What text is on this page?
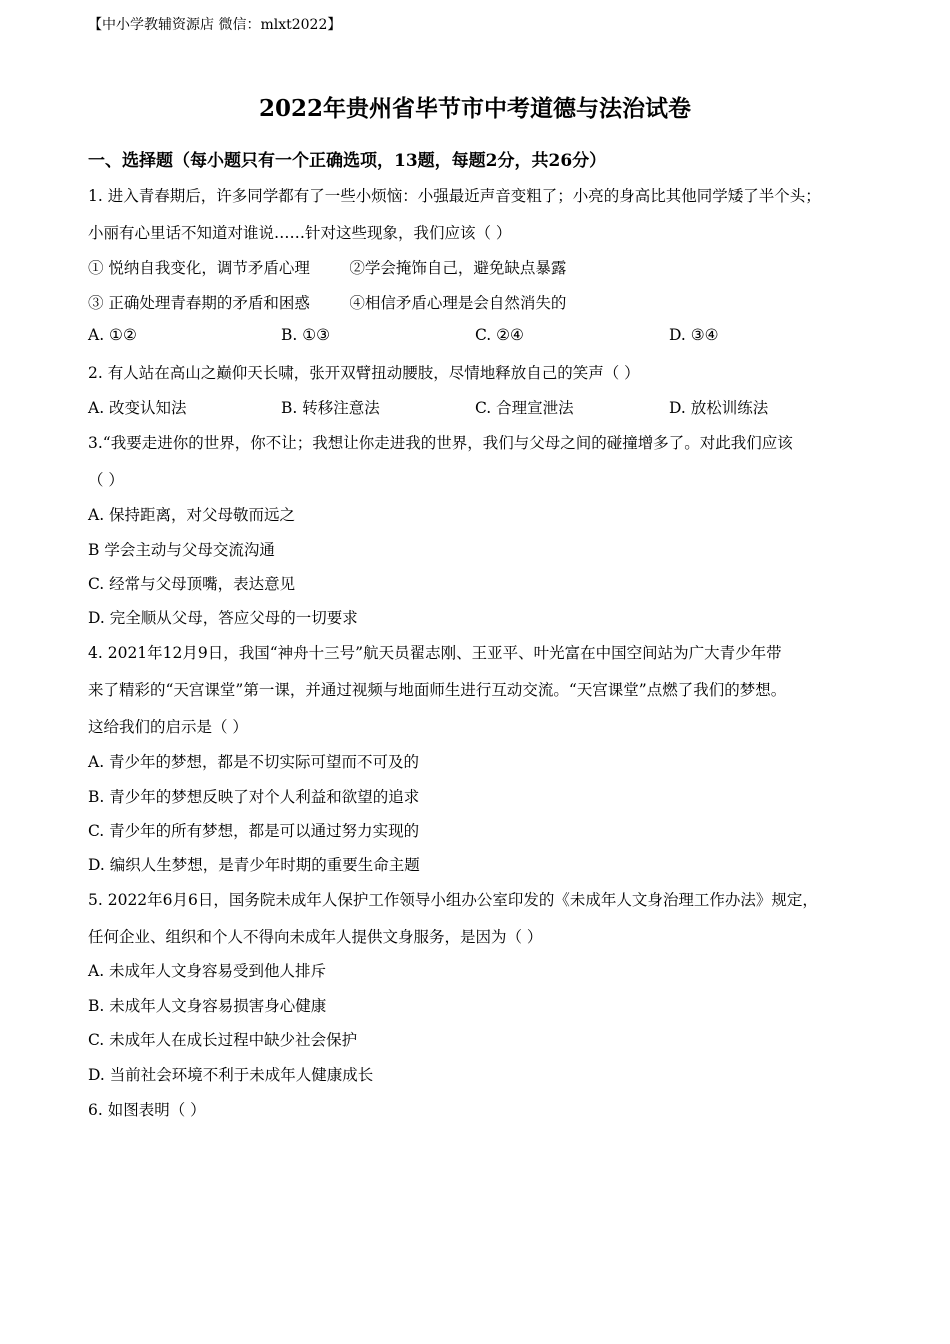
【中小学教辅资源店 微信：mlxt2022】
2022年贵州省毕节市中考道德与法治试卷
一、选择题（每小题只有一个正确选项，13题，每题2分，共26分）
1. 进入青春期后，许多同学都有了一些小烦恼：小强最近声音变粗了；小亮的身高比其他同学矮了半个头；
小丽有心里话不知道对谁说……针对这些现象，我们应该（ ）
① 悦纳自我变化，调节矛盾心理        ②学会掩饰自己，避免缺点暴露
③ 正确处理青春期的矛盾和困惑        ④相信矛盾心理是会自然消失的
A. ①②	B. ①③	C. ②④	D. ③④
2. 有人站在高山之巅仰天长啸，张开双臂扭动腰肢，尽情地释放自己的笑声（ ）
A. 改变认知法	B. 转移注意法	C. 合理宣泄法	D. 放松训练法
3.“我要走进你的世界，你不让；我想让你走进我的世界，我们与父母之间的碰撞增多了。对此我们应该
（ ）
A. 保持距离，对父母敬而远之
B 学会主动与父母交流沟通
C. 经常与父母顶嘴，表达意见
D. 完全顺从父母，答应父母的一切要求
4. 2021年12月9日，我国“神舟十三号”航天员翟志刚、王亚平、叶光富在中国空间站为广大青少年带
来了精彩的“天宫课堂”第一课，并通过视频与地面师生进行互动交流。“天宫课堂”点燃了我们的梦想。
这给我们的启示是（ ）
A. 青少年的梦想，都是不切实际可望而不可及的
B. 青少年的梦想反映了对个人利益和欲望的追求
C. 青少年的所有梦想，都是可以通过努力实现的
D. 编织人生梦想，是青少年时期的重要生命主题
5. 2022年6月6日，国务院未成年人保护工作领导小组办公室印发的《未成年人文身治理工作办法》规定，
任何企业、组织和个人不得向未成年人提供文身服务，是因为（ ）
A. 未成年人文身容易受到他人排斥
B. 未成年人文身容易损害身心健康
C. 未成年人在成长过程中缺少社会保护
D. 当前社会环境不利于未成年人健康成长
6. 如图表明（ ）
